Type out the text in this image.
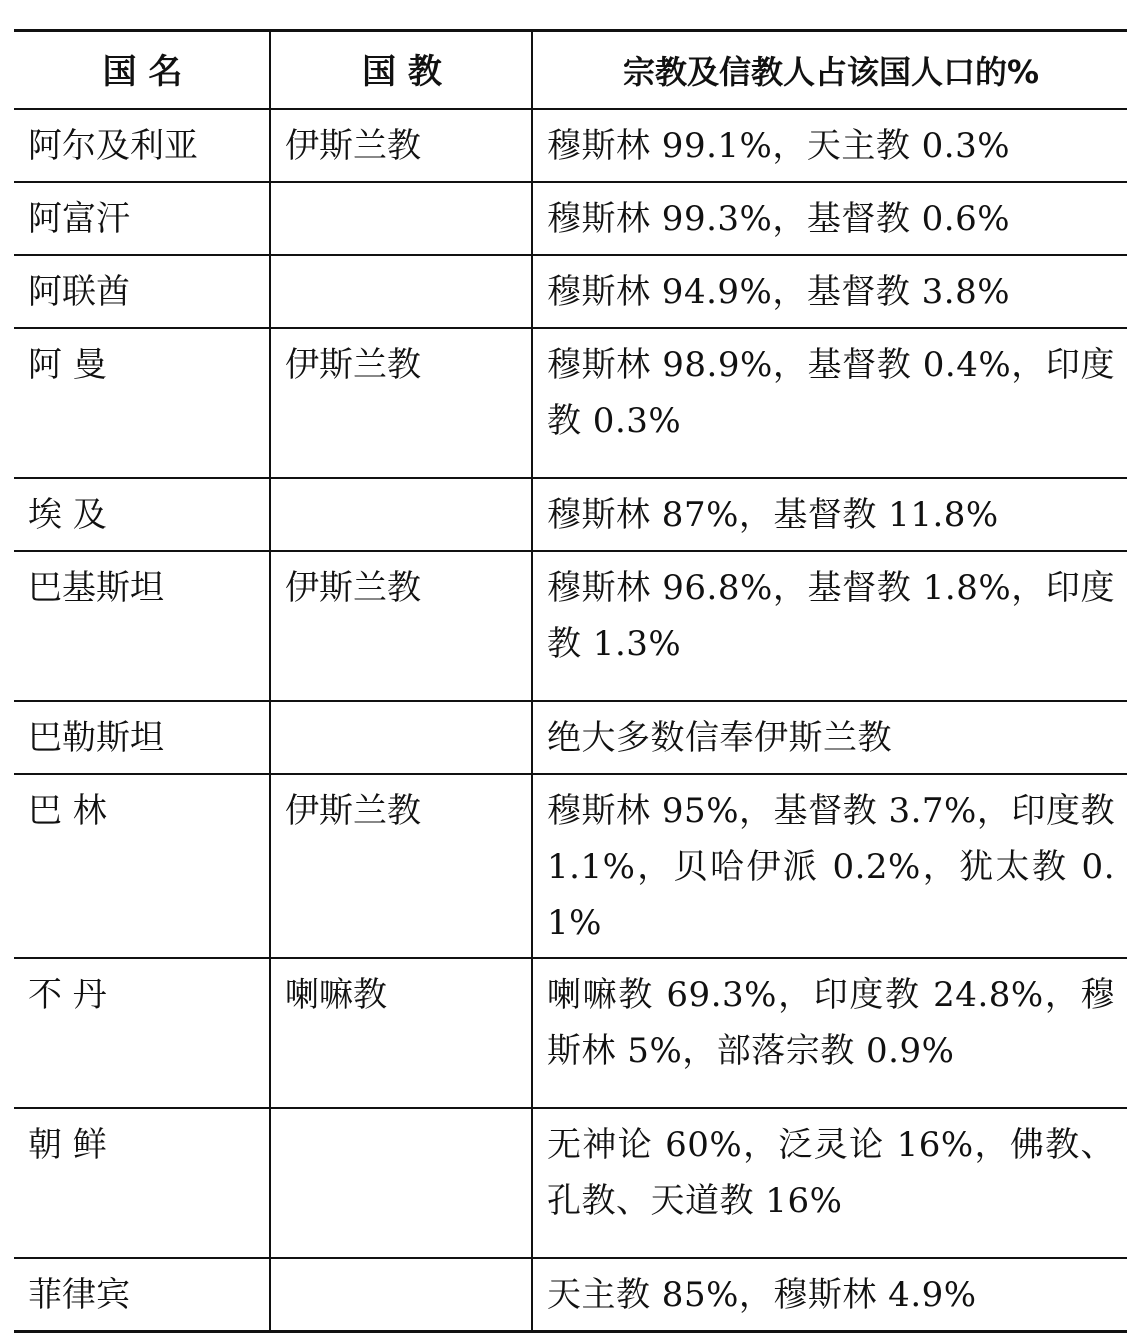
国 名	国 教	宗教及信教人占该国人口的%
阿尔及利亚	伊斯兰教	穆斯林 99.1%，天主教 0.3%
阿富汗		穆斯林 99.3%，基督教 0.6%
阿联酋		穆斯林 94.9%，基督教 3.8%
阿 曼	伊斯兰教	穆斯林 98.9%，基督教 0.4%，印度教 0.3%
埃 及		穆斯林 87%，基督教 11.8%
巴基斯坦	伊斯兰教	穆斯林 96.8%，基督教 1.8%，印度教 1.3%
巴勒斯坦		绝大多数信奉伊斯兰教
巴 林	伊斯兰教	穆斯林 95%，基督教 3.7%，印度教 1.1%，贝哈伊派 0.2%，犹太教 0.1%
不 丹	喇嘛教	喇嘛教 69.3%，印度教 24.8%，穆斯林 5%，部落宗教 0.9%
朝 鲜		无神论 60%，泛灵论 16%，佛教、孔教、天道教 16%
菲律宾		天主教 85%，穆斯林 4.9%
